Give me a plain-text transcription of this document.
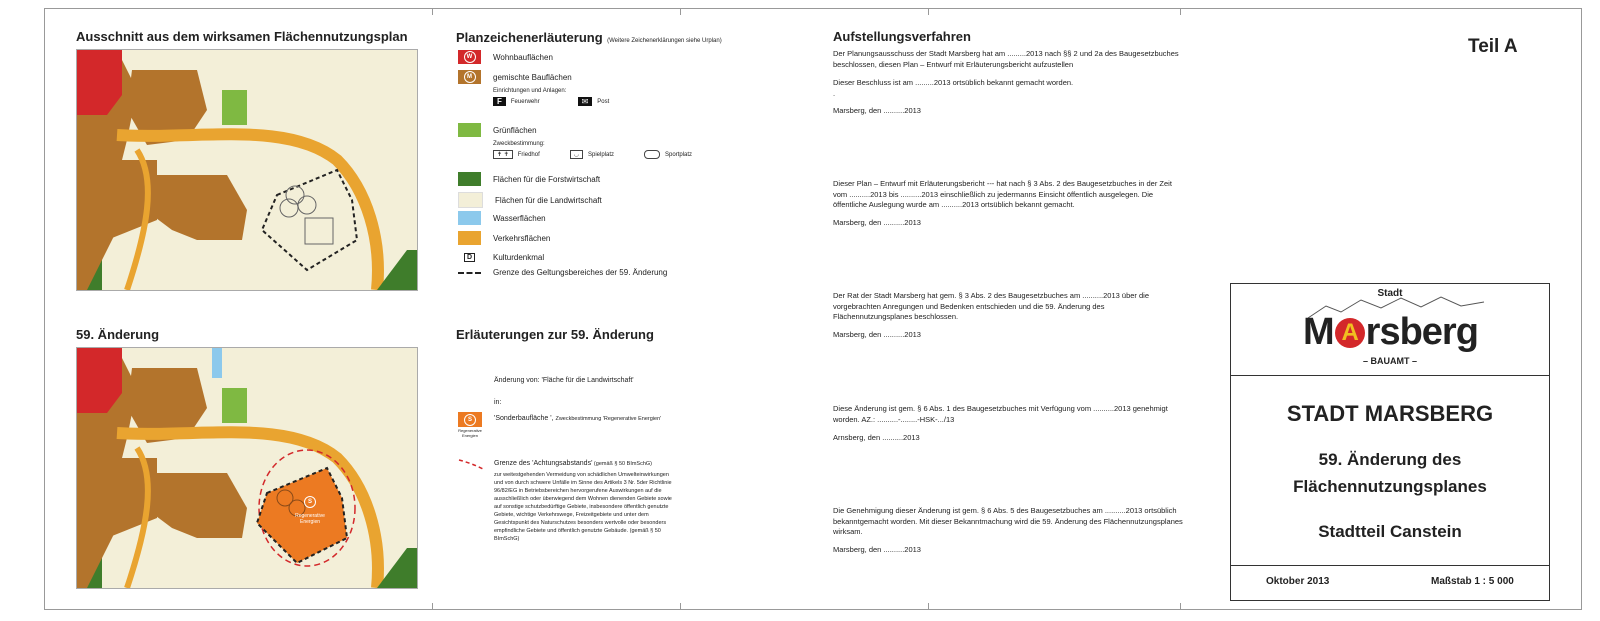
Ausschnitt aus dem wirksamen Flächennutzungsplan
59. Änderung
S
Regenerative Energien
Planzeichenerläuterung (Weitere Zeichenerklärungen siehe Urplan)
W	Wohnbauflächen
M	gemischte Bauflächen
Einrichtungen und Anlagen:
F	Feuerwehr	✉	Post
Grünflächen
Zweckbestimmung:
✝ ✝	Friedhof	◡	Spielplatz	Sportplatz
Flächen für die Forstwirtschaft
Flächen für die Landwirtschaft
Wasserflächen
Verkehrsflächen
D	Kulturdenkmal
Grenze des Geltungsbereiches der 59. Änderung
Erläuterungen zur 59. Änderung
Änderung von: 'Fläche für die Landwirtschaft'
in:
S
Regenerative Energien
'Sonderbaufläche ', Zweckbestimmung 'Regenerative Energien'
Grenze des 'Achtungsabstands' (gemäß § 50 BImSchG)
zur weitestgehenden Vermeidung von schädlichen Umwelteinwirkungen und von durch schwere Unfälle im Sinne des Artikels 3 Nr. 5der Richtlinie 96/82/EG in Betriebsbereichen hervorgerufene Auswirkungen auf die ausschließlich oder überwiegend dem Wohnen dienenden Gebiete sowie auf sonstige schutzbedürftige Gebiete, insbesondere öffentlich genutzte Gebiete, wichtige Verkehrswege, Freizeitgebiete und unter dem Gesichtspunkt des Naturschutzes besonders wertvolle oder besonders empfindliche Gebiete und öffentlich genutzte Gebäude. (gemäß § 50 BImSchG)
Aufstellungsverfahren

Der Planungsausschuss der Stadt Marsberg hat am .........2013 nach §§ 2 und 2a des Baugesetzbuches beschlossen, diesen Plan – Entwurf mit Erläuterungsbericht aufzustellen

Dieser Beschluss ist am .........2013 ortsüblich bekannt gemacht worden.

.

Marsberg, den ..........2013

Dieser Plan – Entwurf mit Erläuterungsbericht --- hat nach § 3 Abs. 2 des Baugesetzbuches in der Zeit vom ..........2013 bis ..........2013 einschließlich zu jedermanns Einsicht öffentlich ausgelegen. Die öffentliche Auslegung wurde am ..........2013 ortsüblich bekannt gemacht.

Marsberg, den ..........2013

Der Rat der Stadt Marsberg hat gem. § 3 Abs. 2 des Baugesetzbuches am ..........2013 über die vorgebrachten Anregungen und Bedenken entschieden und die 59. Änderung des Flächennutzungsplanes beschlossen.

Marsberg, den ..........2013

Diese Änderung ist gem. § 6 Abs. 1 des Baugesetzbuches mit Verfügung vom ..........2013 genehmigt worden. AZ.: ..........-........-HSK-.../13

Arnsberg, den ..........2013

Die Genehmigung dieser Änderung ist gem. § 6 Abs. 5 des Baugesetzbuches am ..........2013 ortsüblich bekanntgemacht worden. Mit dieser Bekanntmachung wird die 59. Änderung des Flächennutzungsplanes wirksam.

Marsberg, den ..........2013

Teil A
Stadt
M A rsberg
– BAUAMT –
STADT MARSBERG
59. Änderung des
Flächennutzungsplanes
Stadtteil Canstein
Oktober 2013	Maßstab 1 : 5 000
